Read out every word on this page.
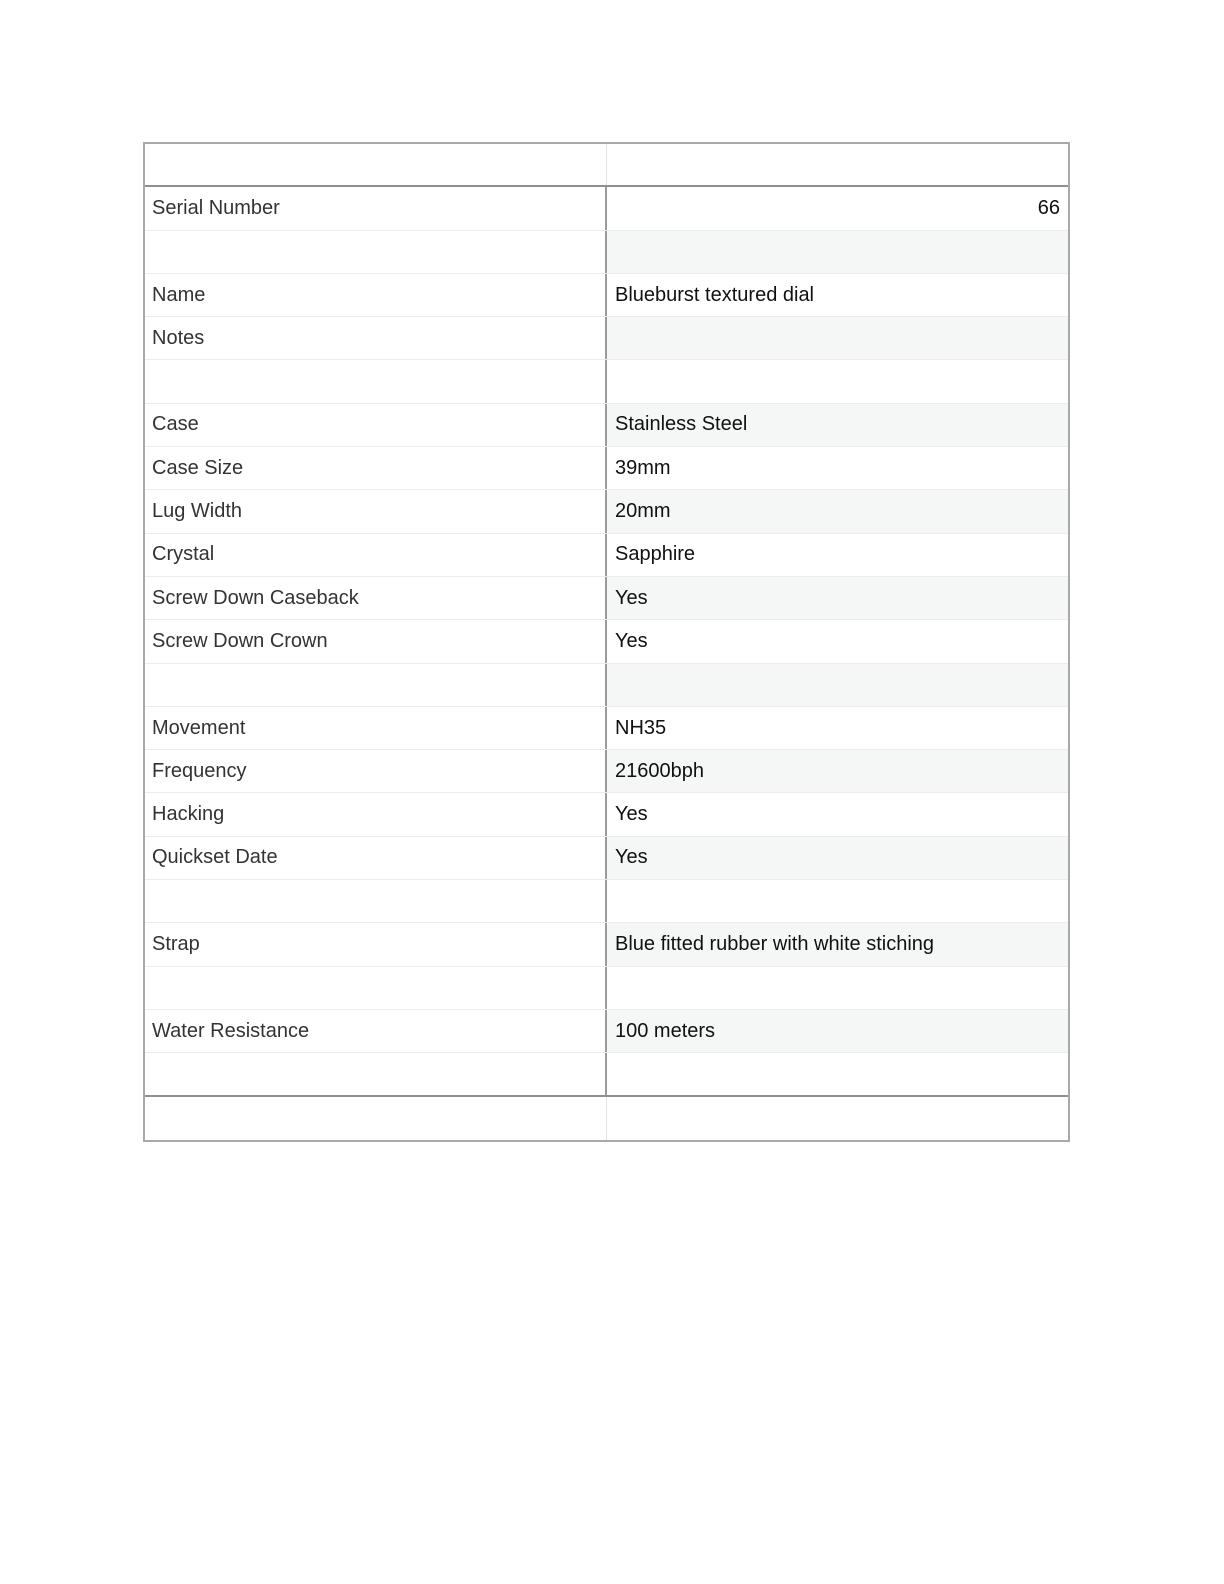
Serial Number	66
Name	Blueburst textured dial
Notes
Case	Stainless Steel
Case Size	39mm
Lug Width	20mm
Crystal	Sapphire
Screw Down Caseback	Yes
Screw Down Crown	Yes
Movement	NH35
Frequency	21600bph
Hacking	Yes
Quickset Date	Yes
Strap	Blue fitted rubber with white stiching
Water Resistance	100 meters
